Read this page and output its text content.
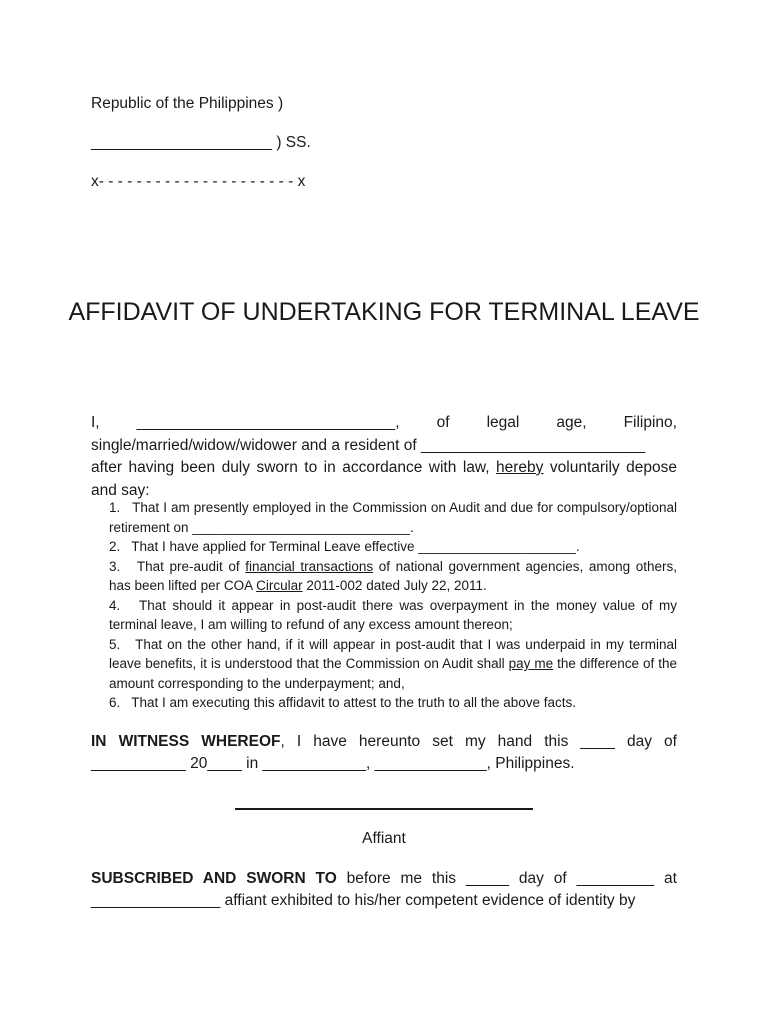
Republic of the Philippines )
_____________________ ) SS.
x- - - - - - - - - - - - - - - - - - - - - x
AFFIDAVIT OF UNDERTAKING FOR TERMINAL LEAVE
I, ______________________________, of legal age, Filipino,
single/married/widow/widower and a resident of __________________________
after having been duly sworn to in accordance with law, hereby voluntarily depose and say:
1. That I am presently employed in the Commission on Audit and due for compulsory/optional retirement on _____________________________.
2. That I have applied for Terminal Leave effective _____________________.
3. That pre-audit of financial transactions of national government agencies, among others, has been lifted per COA Circular 2011-002 dated July 22, 2011.
4. That should it appear in post-audit there was overpayment in the money value of my terminal leave, I am willing to refund of any excess amount thereon;
5. That on the other hand, if it will appear in post-audit that I was underpaid in my terminal leave benefits, it is understood that the Commission on Audit shall pay me the difference of the amount corresponding to the underpayment; and,
6. That I am executing this affidavit to attest to the truth to all the above facts.
IN WITNESS WHEREOF, I have hereunto set my hand this ____ day of ___________ 20____ in ____________, _____________, Philippines.
Affiant
SUBSCRIBED AND SWORN TO before me this _____ day of _________ at _______________ affiant exhibited to his/her competent evidence of identity by
